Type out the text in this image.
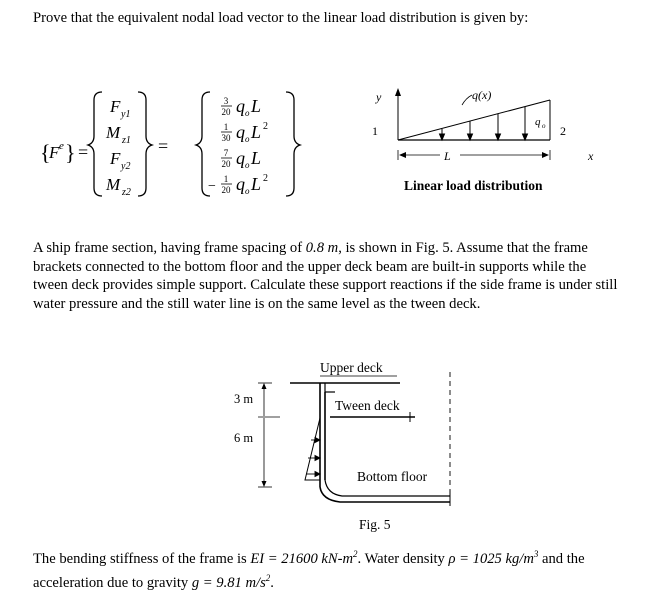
Prove that the equivalent nodal load vector to the linear load distribution is given by:
{
F e } =
F y1
M z1
F y2
M z2
=
3
20 q o L
1
30 q o L 2
7
20 q o L
− 1
20 q o L 2
y	q(x)
q o
1	2
L	x
Linear load distribution
Upper deck
Tween deck
Bottom floor
3 m
6 m
Fig. 5
A ship frame section, having frame spacing of 0.8 m, is shown in Fig. 5. Assume that the frame brackets connected to the bottom floor and the upper deck beam are built-in supports while the tween deck provides simple support. Calculate these support reactions if the side frame is under still water pressure and the still water line is on the same level as the tween deck.
The bending stiffness of the frame is EI = 21600 $kN-m^2$. Water density ρ = 1025 $kg/m^3$ and the acceleration due to gravity g = 9.81 $m/s^2$.
